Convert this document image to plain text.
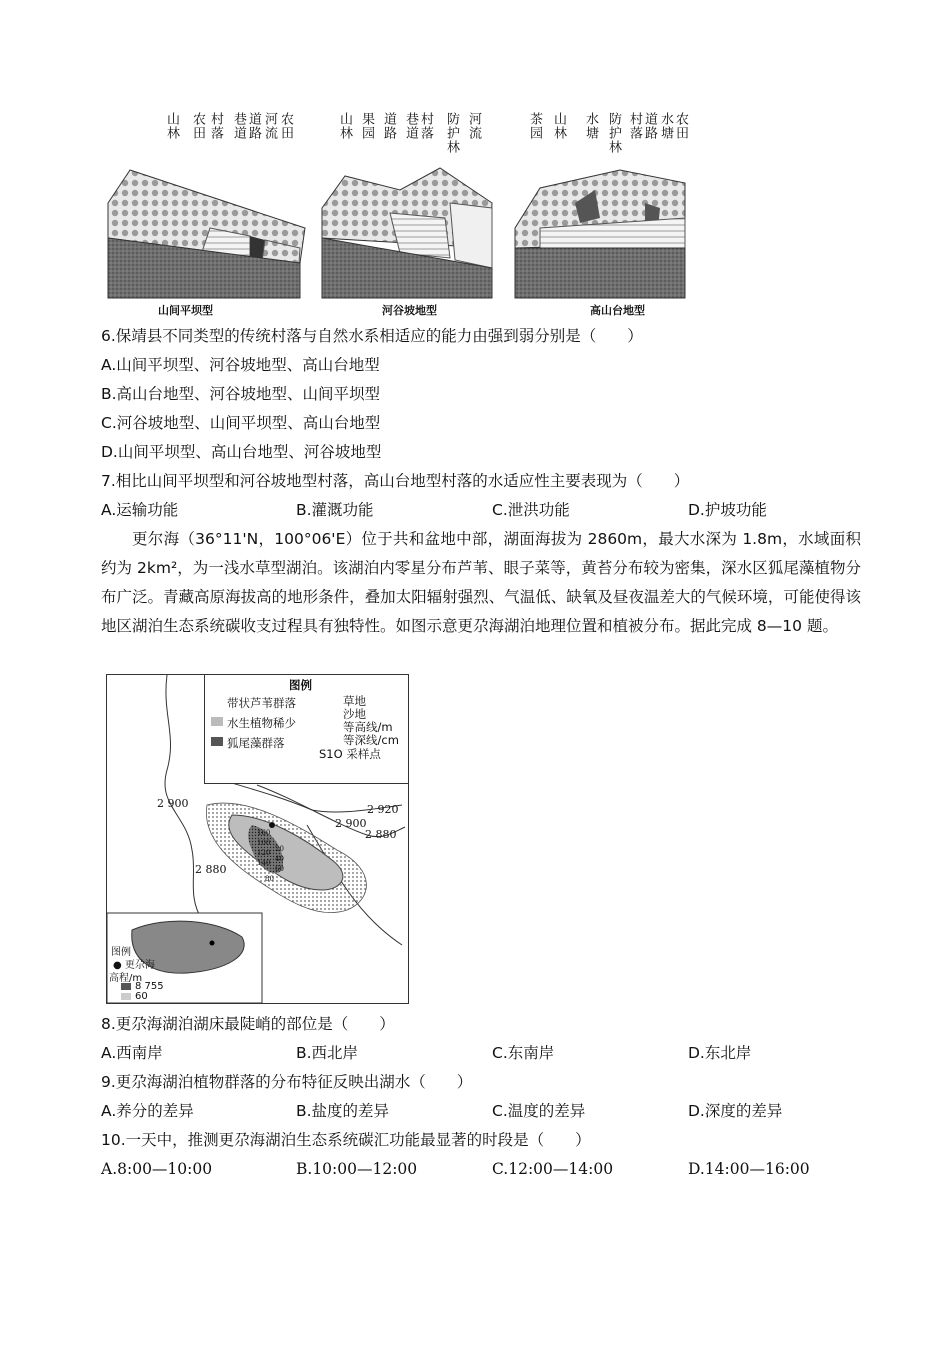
山林 农田 村落 巷道 道路 河流 农田
山间平坝型
山林 果园 道路 巷道 村落 防护林 河流
河谷坡地型
茶园 山林 水塘 防护林 村落 道路 水塘 农田
高山台地型
6.保靖县不同类型的传统村落与自然水系相适应的能力由强到弱分别是（　　）
A.山间平坝型、河谷坡地型、高山台地型
B.高山台地型、河谷坡地型、山间平坝型
C.河谷坡地型、山间平坝型、高山台地型
D.山间平坝型、高山台地型、河谷坡地型
7.相比山间平坝型和河谷坡地型村落，高山台地型村落的水适应性主要表现为（　　）
A.运输功能	B.灌溉功能	C.泄洪功能	D.护坡功能
更尔海（36°11'N，100°06'E）位于共和盆地中部，湖面海拔为 2860m，最大水深为 1.8m，水域面积约为 2km²，为一浅水草型湖泊。该湖泊内零星分布芦苇、眼子菜等，黄苔分布较为密集，深水区狐尾藻植物分布广泛。青藏高原海拔高的地形条件，叠加太阳辐射强烈、气温低、缺氧及昼夜温差大的气候环境，可能使得该地区湖泊生态系统碳收支过程具有独特性。如图示意更尕海湖泊地理位置和植被分布。据此完成 8—10 题。
图例
带状芦苇群落
水生植物稀少
狐尾藻群落
草地
沙地
等高线/m
等深线/cm
S1O 采样点
2 900	2 920
2 900
2 880
2 880
20
40
60
80
100
120
140
160
图例
● 更尕海
高程/m
8 755
60
8.更尕海湖泊湖床最陡峭的部位是（　　）
A.西南岸	B.西北岸	C.东南岸	D.东北岸
9.更尕海湖泊植物群落的分布特征反映出湖水（　　）
A.养分的差异	B.盐度的差异	C.温度的差异	D.深度的差异
10.一天中，推测更尕海湖泊生态系统碳汇功能最显著的时段是（　　）
A.8:00—10:00	B.10:00—12:00	C.12:00—14:00	D.14:00—16:00
